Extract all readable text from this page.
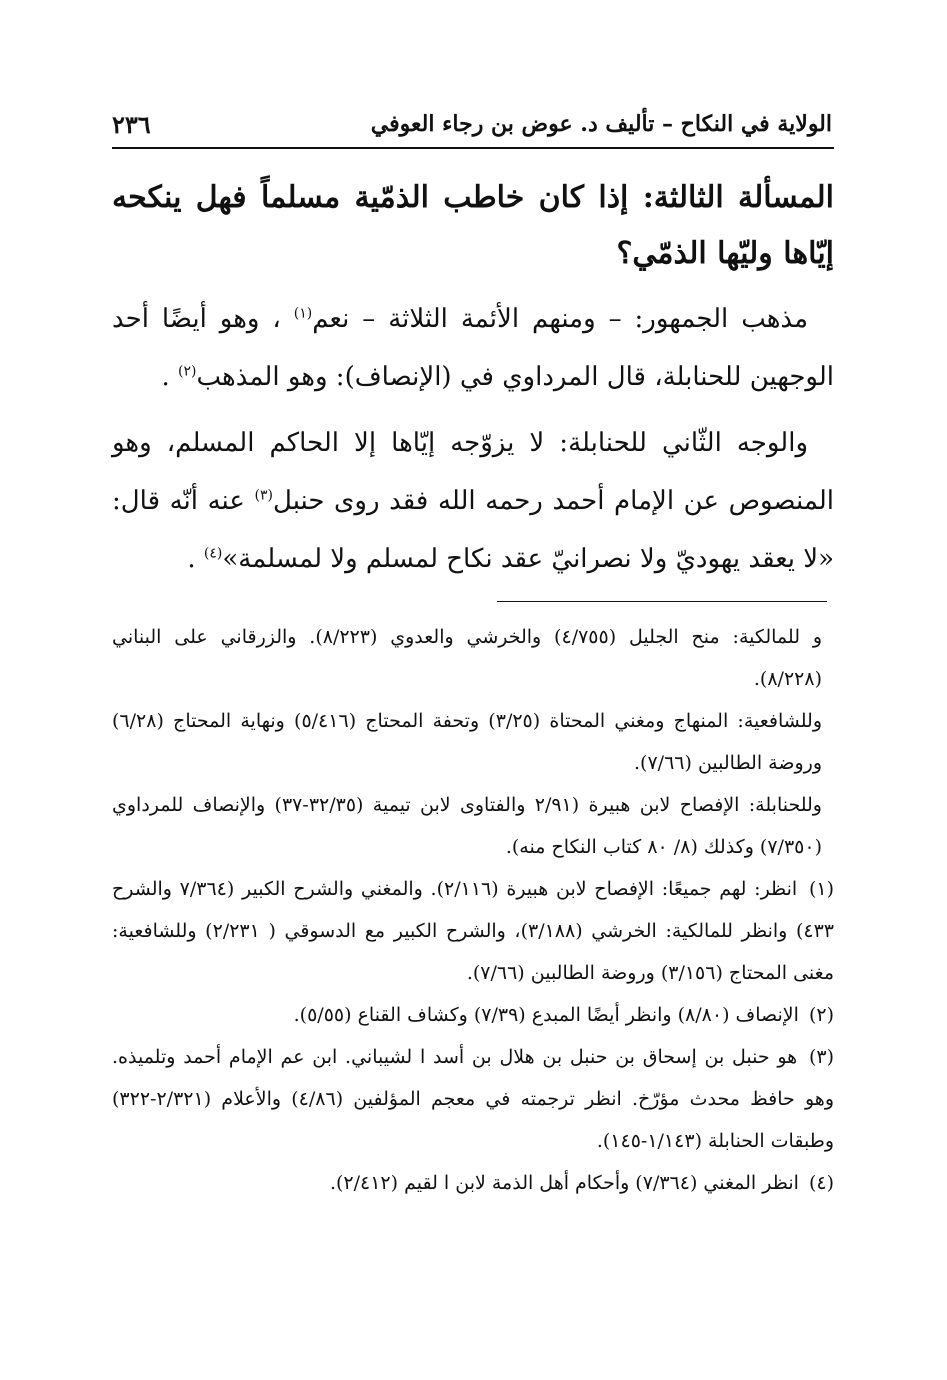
الولاية في النكاح – تأليف د. عوض بن رجاء العوفي
٢٣٦

المسألة الثالثة: إذا كان خاطب الذمّية مسلماً فهل ينكحه إيّاها وليّها الذمّي؟

مذهب الجمهور: – ومنهم الأئمة الثلاثة – نعم$^{(١)}$ ، وهو أيضًا أحد الوجهين للحنابلة، قال المرداوي في (الإنصاف): وهو المذهب$^{(٢)}$ .

والوجه الثّاني للحنابلة: لا يزوّجه إيّاها إلا الحاكم المسلم، وهو المنصوص عن الإمام أحمد رحمه الله فقد روى حنبل$^{(٣)}$ عنه أنّه قال: «لا يعقد يهوديّ ولا نصرانيّ عقد نكاح لمسلم ولا لمسلمة»$^{(٤)}$ .

و للمالكية: منح الجليل (٤/٧٥٥) والخرشي والعدوي (٨/٢٢٣). والزرقاني على البناني (٨/٢٢٨).

وللشافعية: المنهاج ومغني المحتاة (٣/٢٥) وتحفة المحتاج (٥/٤١٦) ونهاية المحتاج (٦/٢٨) وروضة الطالبين (٧/٦٦).

وللحنابلة: الإفصاح لابن هبيرة (٢/٩١ والفتاوى لابن تيمية (٣٢/٣٥-٣٧) والإنصاف للمرداوي (٧/٣٥٠) وكذلك (٨/ ٨٠ كتاب النكاح منه).

(١) انظر: لهم جميعًا: الإفصاح لابن هبيرة (٢/١١٦). والمغني والشرح الكبير (٧/٣٦٤ والشرح ٤٣٣) وانظر للمالكية: الخرشي (٣/١٨٨)، والشرح الكبير مع الدسوقي ( ٢/٢٣١) وللشافعية: مغنى المحتاج (٣/١٥٦) وروضة الطالبين (٧/٦٦).

(٢) الإنصاف (٨/٨٠) وانظر أيضًا المبدع (٧/٣٩) وكشاف القناع (٥/٥٥).

(٣) هو حنبل بن إسحاق بن حنبل بن هلال بن أسد ا لشيباني. ابن عم الإمام أحمد وتلميذه. وهو حافظ محدث مؤرّخ. انظر ترجمته في معجم المؤلفين (٤/٨٦) والأعلام (٢/٣٢١-٣٢٢) وطبقات الحنابلة (١/١٤٣-١٤٥).

(٤) انظر المغني (٧/٣٦٤) وأحكام أهل الذمة لابن ا لقيم (٢/٤١٢).
